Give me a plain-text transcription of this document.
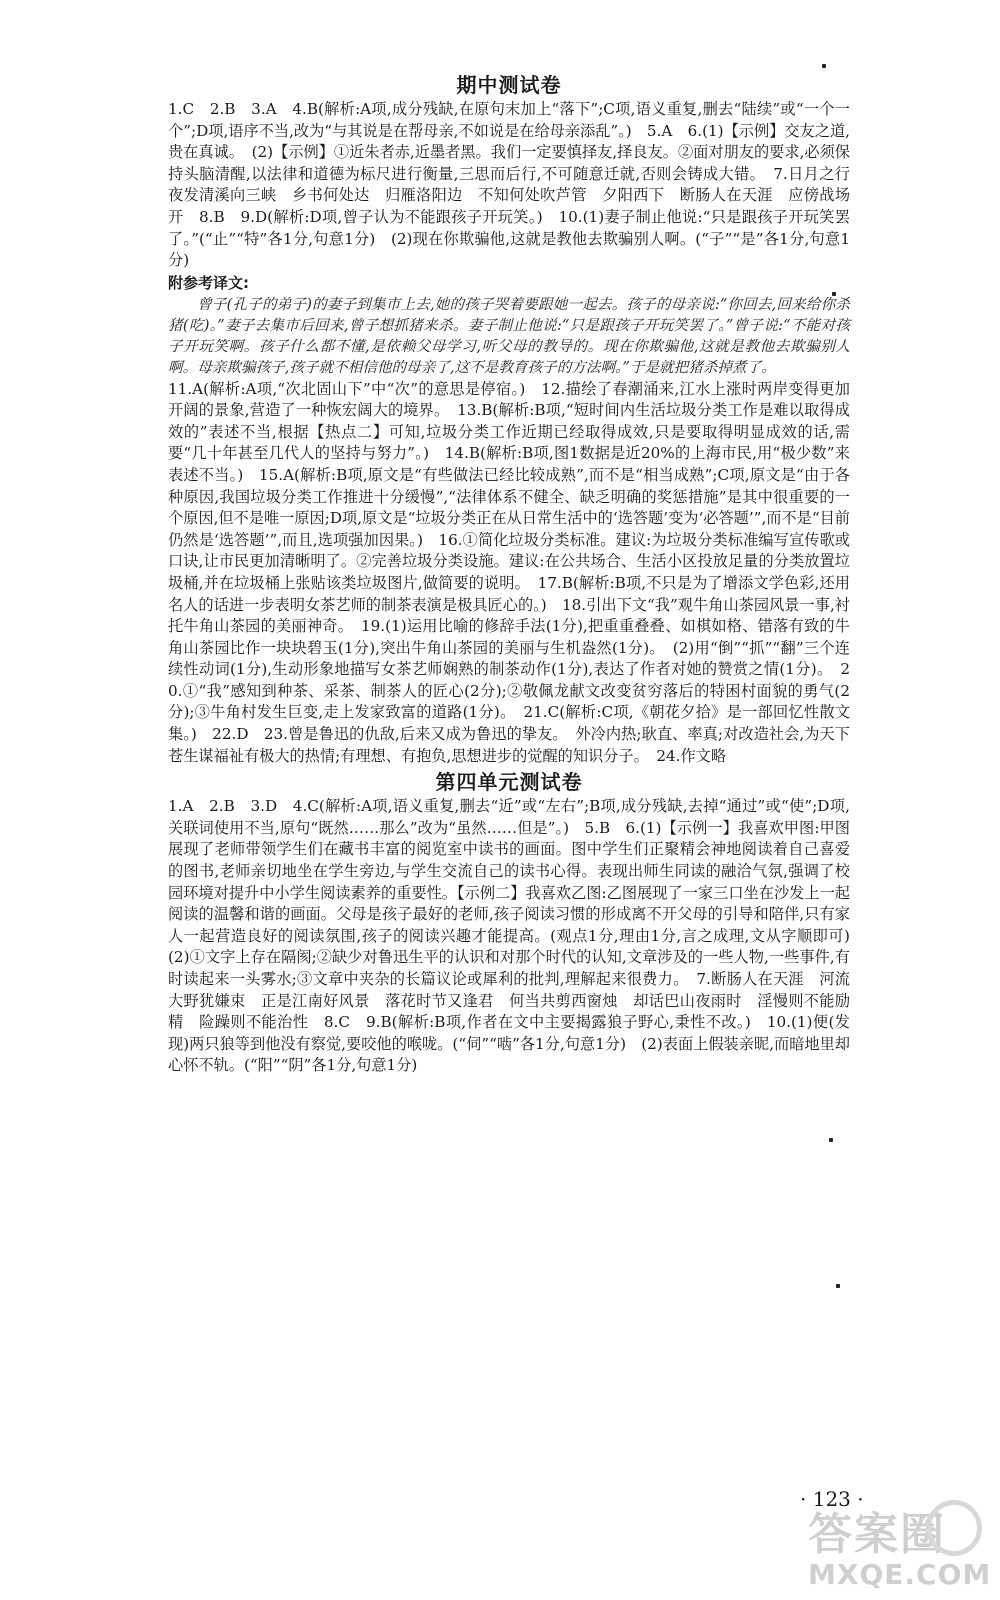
期中测试卷

1.C　2.B　3.A　4.B(解析:A项,成分残缺,在原句末加上“落下”;C项,语义重复,删去“陆续”或“一个一个”;D项,语序不当,改为“与其说是在帮母亲,不如说是在给母亲添乱”。)　5.A　6.(1)【示例】交友之道,贵在真诚。　(2)【示例】①近朱者赤,近墨者黑。我们一定要慎择友,择良友。②面对朋友的要求,必须保持头脑清醒,以法律和道德为标尺进行衡量,三思而后行,不可随意迁就,否则会铸成大错。　7.日月之行　夜发清溪向三峡　乡书何处达　归雁洛阳边　不知何处吹芦管　夕阳西下　断肠人在天涯　应傍战场开　8.B　9.D(解析:D项,曾子认为不能跟孩子开玩笑。)　10.(1)妻子制止他说:“只是跟孩子开玩笑罢了。”(“止”“特”各1分,句意1分)　(2)现在你欺骗他,这就是教他去欺骗别人啊。(“子”“是”各1分,句意1分)

附参考译文:

曾子(孔子的弟子)的妻子到集市上去,她的孩子哭着要跟她一起去。孩子的母亲说:“你回去,回来给你杀猪(吃)。”妻子去集市后回来,曾子想抓猪来杀。妻子制止他说:“只是跟孩子开玩笑罢了。”曾子说:“不能对孩子开玩笑啊。孩子什么都不懂,是依赖父母学习,听父母的教导的。现在你欺骗他,这就是教他去欺骗别人啊。母亲欺骗孩子,孩子就不相信他的母亲了,这不是教育孩子的方法啊。”于是就把猪杀掉煮了。

11.A(解析:A项,“次北固山下”中“次”的意思是停宿。)　12.描绘了春潮涌来,江水上涨时两岸变得更加开阔的景象,营造了一种恢宏阔大的境界。　13.B(解析:B项,“短时间内生活垃圾分类工作是难以取得成效的”表述不当,根据【热点二】可知,垃圾分类工作近期已经取得成效,只是要取得明显成效的话,需要“几十年甚至几代人的坚持与努力”。)　14.B(解析:B项,图1数据是近20%的上海市民,用“极少数”来表述不当。)　15.A(解析:B项,原文是“有些做法已经比较成熟”,而不是“相当成熟”;C项,原文是“由于各种原因,我国垃圾分类工作推进十分缓慢”,“法律体系不健全、缺乏明确的奖惩措施”是其中很重要的一个原因,但不是唯一原因;D项,原文是“垃圾分类正在从日常生活中的‘选答题’变为‘必答题’”,而不是“目前仍然是‘选答题’”,而且,选项强加因果。)　16.①简化垃圾分类标准。建议:为垃圾分类标准编写宣传歌或口诀,让市民更加清晰明了。②完善垃圾分类设施。建议:在公共场合、生活小区投放足量的分类放置垃圾桶,并在垃圾桶上张贴该类垃圾图片,做简要的说明。　17.B(解析:B项,不只是为了增添文学色彩,还用名人的话进一步表明女茶艺师的制茶表演是极具匠心的。)　18.引出下文“我”观牛角山茶园风景一事,衬托牛角山茶园的美丽神奇。　19.(1)运用比喻的修辞手法(1分),把重重叠叠、如棋如格、错落有致的牛角山茶园比作一块块碧玉(1分),突出牛角山茶园的美丽与生机盎然(1分)。　(2)用“倒”“抓”“翻”三个连续性动词(1分),生动形象地描写女茶艺师娴熟的制茶动作(1分),表达了作者对她的赞赏之情(1分)。　20.①“我”感知到种茶、采茶、制茶人的匠心(2分);②敬佩龙献文改变贫穷落后的特困村面貌的勇气(2分);③牛角村发生巨变,走上发家致富的道路(1分)。　21.C(解析:C项,《朝花夕拾》是一部回忆性散文集。)　22.D　23.曾是鲁迅的仇敌,后来又成为鲁迅的挚友。　外冷内热;耿直、率真;对改造社会,为天下苍生谋福祉有极大的热情;有理想、有抱负,思想进步的觉醒的知识分子。　24.作文略

第四单元测试卷

1.A　2.B　3.D　4.C(解析:A项,语义重复,删去“近”或“左右”;B项,成分残缺,去掉“通过”或“使”;D项,关联词使用不当,原句“既然……那么”改为“虽然……但是”。)　5.B　6.(1)【示例一】我喜欢甲图:甲图展现了老师带领学生们在藏书丰富的阅览室中读书的画面。图中学生们正聚精会神地阅读着自己喜爱的图书,老师亲切地坐在学生旁边,与学生交流自己的读书心得。表现出师生同读的融洽气氛,强调了校园环境对提升中小学生阅读素养的重要性。【示例二】我喜欢乙图:乙图展现了一家三口坐在沙发上一起阅读的温馨和谐的画面。父母是孩子最好的老师,孩子阅读习惯的形成离不开父母的引导和陪伴,只有家人一起营造良好的阅读氛围,孩子的阅读兴趣才能提高。(观点1分,理由1分,言之成理,文从字顺即可)　(2)①文字上存在隔阂;②缺少对鲁迅生平的认识和对那个时代的认知,文章涉及的一些人物,一些事件,有时读起来一头雾水;③文章中夹杂的长篇议论或犀利的批判,理解起来很费力。　7.断肠人在天涯　河流大野犹嫌束　正是江南好风景　落花时节又逢君　何当共剪西窗烛　却话巴山夜雨时　淫慢则不能励精　险躁则不能治性　8.C　9.B(解析:B项,作者在文中主要揭露狼子野心,秉性不改。)　10.(1)便(发现)两只狼等到他没有察觉,要咬他的喉咙。(“伺”“啮”各1分,句意1分)　(2)表面上假装亲昵,而暗地里却心怀不轨。(“阳”“阴”各1分,句意1分)

· 123 ·
答案圈
MXQE.COM
